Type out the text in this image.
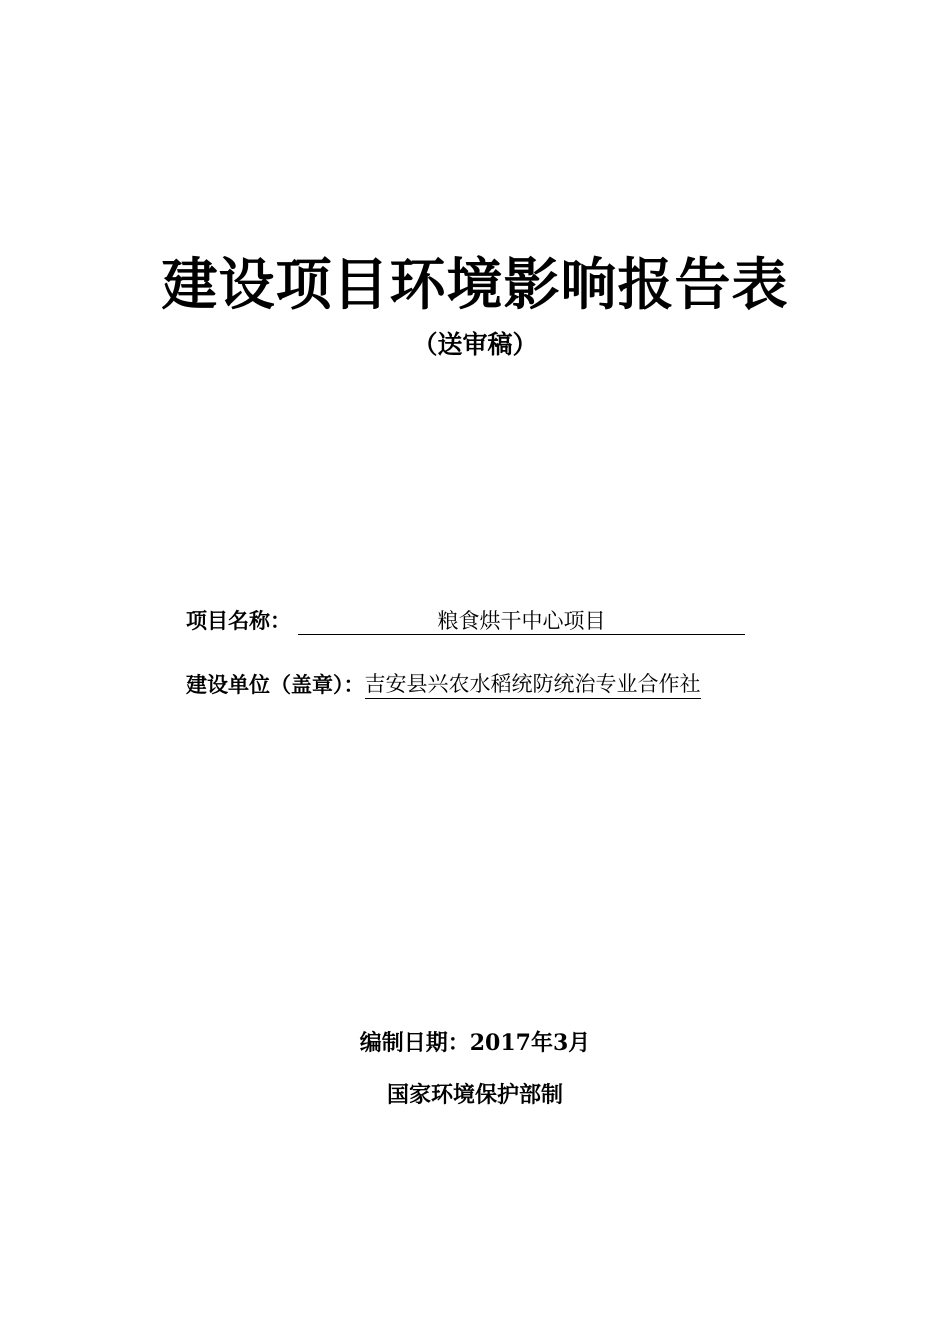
建设项目环境影响报告表
（送审稿）
项目名称：	粮食烘干中心项目
建设单位（盖章）：吉安县兴农水稻统防统治专业合作社
编制日期：2017年3月
国家环境保护部制
